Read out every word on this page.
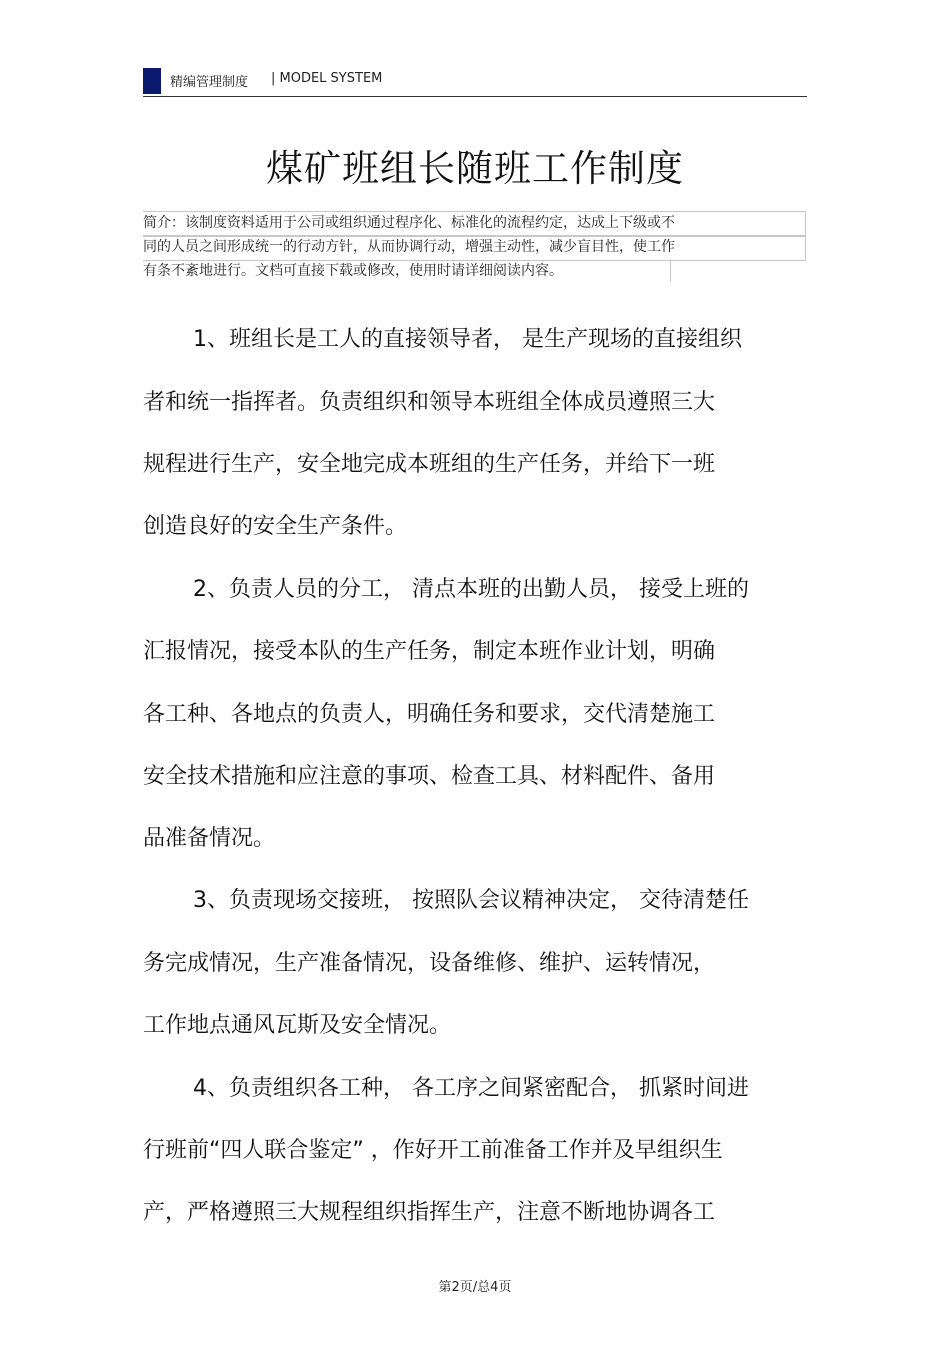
精编管理制度 | MODEL SYSTEM
煤矿班组长随班工作制度
简介：该制度资料适用于公司或组织通过程序化、标准化的流程约定，达成上下级或不
同的人员之间形成统一的行动方针，从而协调行动，增强主动性，减少盲目性，使工作
有条不紊地进行。文档可直接下载或修改，使用时请详细阅读内容。
1、班组长是工人的直接领导者， 是生产现场的直接组织
者和统一指挥者。负责组织和领导本班组全体成员遵照三大
规程进行生产，安全地完成本班组的生产任务，并给下一班
创造良好的安全生产条件。
2、负责人员的分工， 清点本班的出勤人员， 接受上班的
汇报情况，接受本队的生产任务，制定本班作业计划，明确
各工种、各地点的负责人，明确任务和要求，交代清楚施工
安全技术措施和应注意的事项、检查工具、材料配件、备用
品准备情况。
3、负责现场交接班， 按照队会议精神决定， 交待清楚任
务完成情况，生产准备情况，设备维修、维护、运转情况，
工作地点通风瓦斯及安全情况。
4、负责组织各工种， 各工序之间紧密配合， 抓紧时间进
行班前“四人联合鉴定” ，作好开工前准备工作并及早组织生
产，严格遵照三大规程组织指挥生产，注意不断地协调各工
第2页/总4页
